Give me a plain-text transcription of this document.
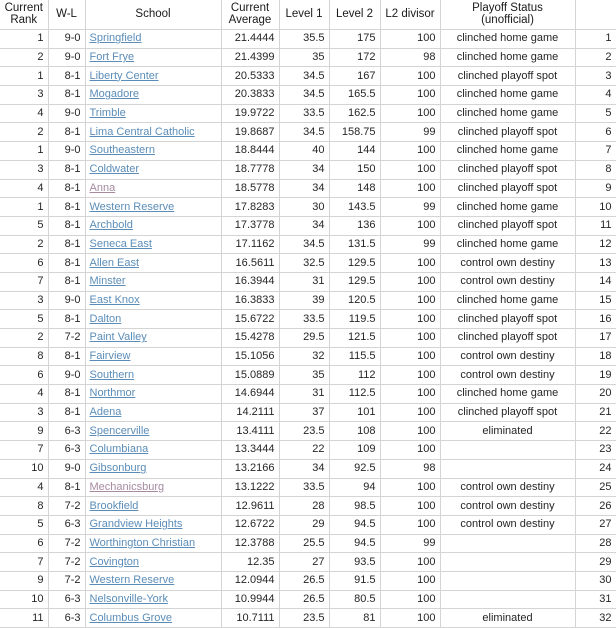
Current
Rank	W-L	School	Current
Average	Level 1	Level 2	L2 divisor	Playoff Status
(unofficial)	
1	9-0	Springfield	21.4444	35.5	175	100	clinched home game	1
2	9-0	Fort Frye	21.4399	35	172	98	clinched home game	2
1	8-1	Liberty Center	20.5333	34.5	167	100	clinched playoff spot	3
3	8-1	Mogadore	20.3833	34.5	165.5	100	clinched home game	4
4	9-0	Trimble	19.9722	33.5	162.5	100	clinched home game	5
2	8-1	Lima Central Catholic	19.8687	34.5	158.75	99	clinched playoff spot	6
1	9-0	Southeastern	18.8444	40	144	100	clinched home game	7
3	8-1	Coldwater	18.7778	34	150	100	clinched playoff spot	8
4	8-1	Anna	18.5778	34	148	100	clinched playoff spot	9
1	8-1	Western Reserve	17.8283	30	143.5	99	clinched home game	10
5	8-1	Archbold	17.3778	34	136	100	clinched playoff spot	11
2	8-1	Seneca East	17.1162	34.5	131.5	99	clinched home game	12
6	8-1	Allen East	16.5611	32.5	129.5	100	control own destiny	13
7	8-1	Minster	16.3944	31	129.5	100	control own destiny	14
3	9-0	East Knox	16.3833	39	120.5	100	clinched home game	15
5	8-1	Dalton	15.6722	33.5	119.5	100	clinched playoff spot	16
2	7-2	Paint Valley	15.4278	29.5	121.5	100	clinched playoff spot	17
8	8-1	Fairview	15.1056	32	115.5	100	control own destiny	18
6	9-0	Southern	15.0889	35	112	100	control own destiny	19
4	8-1	Northmor	14.6944	31	112.5	100	clinched home game	20
3	8-1	Adena	14.2111	37	101	100	clinched playoff spot	21
9	6-3	Spencerville	13.4111	23.5	108	100	eliminated	22
7	6-3	Columbiana	13.3444	22	109	100		23
10	9-0	Gibsonburg	13.2166	34	92.5	98		24
4	8-1	Mechanicsburg	13.1222	33.5	94	100	control own destiny	25
8	7-2	Brookfield	12.9611	28	98.5	100	control own destiny	26
5	6-3	Grandview Heights	12.6722	29	94.5	100	control own destiny	27
6	7-2	Worthington Christian	12.3788	25.5	94.5	99		28
7	7-2	Covington	12.35	27	93.5	100		29
9	7-2	Western Reserve	12.0944	26.5	91.5	100		30
10	6-3	Nelsonville-York	10.9944	26.5	80.5	100		31
11	6-3	Columbus Grove	10.7111	23.5	81	100	eliminated	32
